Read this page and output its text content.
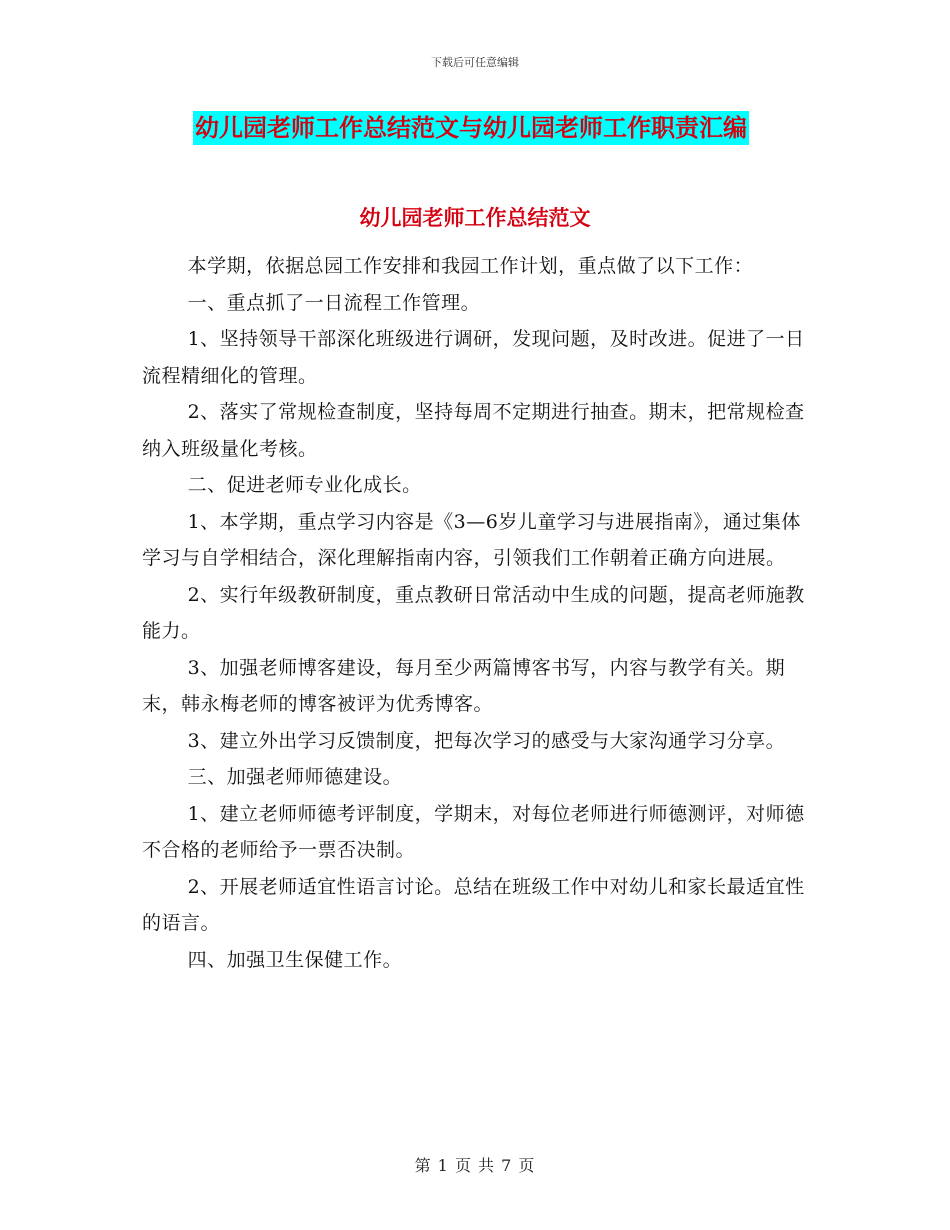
下载后可任意编辑
幼儿园老师工作总结范文与幼儿园老师工作职责汇编
幼儿园老师工作总结范文

本学期，依据总园工作安排和我园工作计划，重点做了以下工作：

一、重点抓了一日流程工作管理。

1、坚持领导干部深化班级进行调研，发现问题，及时改进。促进了一日流程精细化的管理。

2、落实了常规检查制度，坚持每周不定期进行抽查。期末，把常规检查纳入班级量化考核。

二、促进老师专业化成长。

1、本学期，重点学习内容是《3—6岁儿童学习与进展指南》，通过集体学习与自学相结合，深化理解指南内容，引领我们工作朝着正确方向进展。

2、实行年级教研制度，重点教研日常活动中生成的问题，提高老师施教能力。

3、加强老师博客建设，每月至少两篇博客书写，内容与教学有关。期末，韩永梅老师的博客被评为优秀博客。

3、建立外出学习反馈制度，把每次学习的感受与大家沟通学习分享。

三、加强老师师德建设。

1、建立老师师德考评制度，学期末，对每位老师进行师德测评，对师德不合格的老师给予一票否决制。

2、开展老师适宜性语言讨论。总结在班级工作中对幼儿和家长最适宜性的语言。

四、加强卫生保健工作。

第 1 页 共 7 页
